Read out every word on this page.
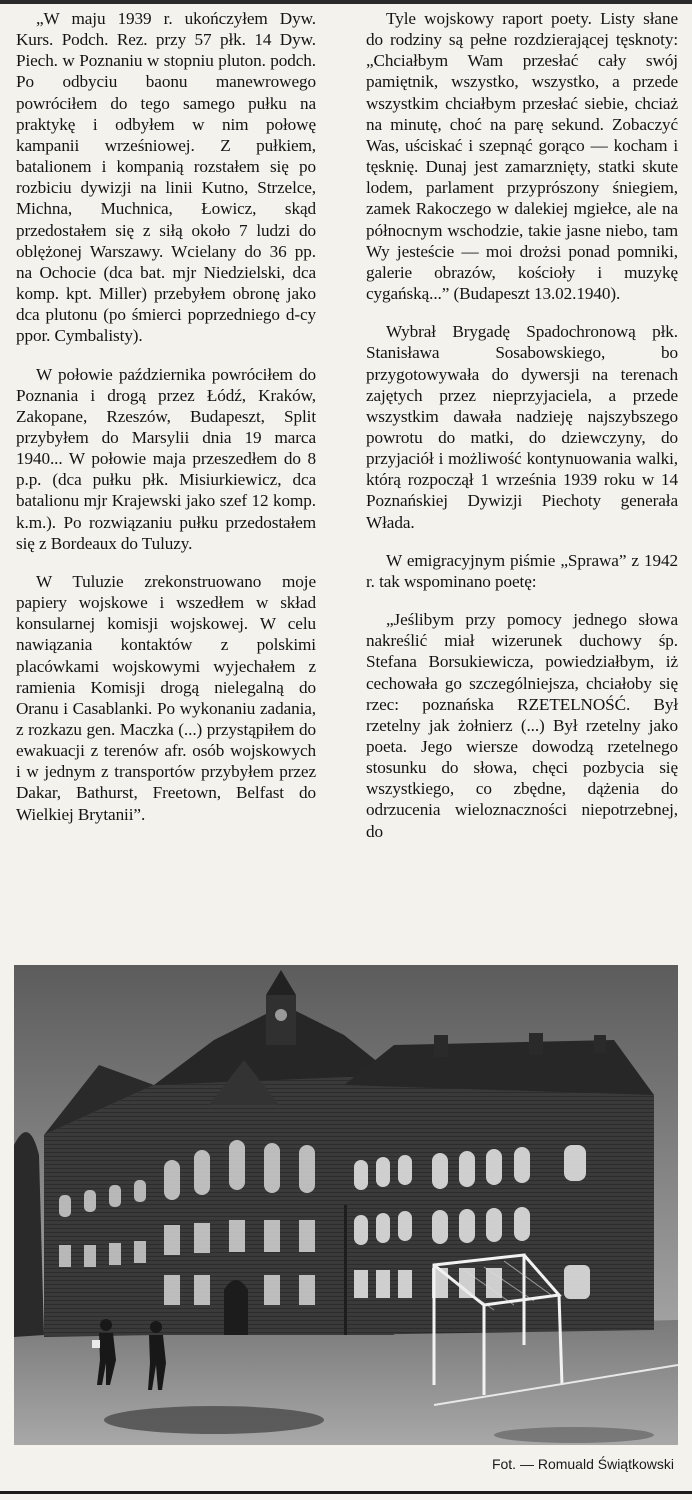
„W maju 1939 r. ukończyłem Dyw. Kurs. Podch. Rez. przy 57 płk. 14 Dyw. Piech. w Poznaniu w stopniu pluton. podch. Po odbyciu baonu manewrowego powróciłem do tego samego pułku na praktykę i odbyłem w nim połowę kampanii wrześniowej. Z pułkiem, batalionem i kompanią rozstałem się po rozbiciu dywizji na linii Kutno, Strzelce, Michna, Muchnica, Łowicz, skąd przedostałem się z siłą około 7 ludzi do oblężonej Warszawy. Wcielany do 36 pp. na Ochocie (dca bat. mjr Niedzielski, dca komp. kpt. Miller) przebyłem obronę jako dca plutonu (po śmierci poprzedniego d-cy ppor. Cymbalisty).

W połowie października powróciłem do Poznania i drogą przez Łódź, Kraków, Zakopane, Rzeszów, Budapeszt, Split przybyłem do Marsylii dnia 19 marca 1940... W połowie maja przeszedłem do 8 p.p. (dca pułku płk. Misiurkiewicz, dca batalionu mjr Krajewski jako szef 12 komp. k.m.). Po rozwiązaniu pułku przedostałem się z Bordeaux do Tuluzy.

W Tuluzie zrekonstruowano moje papiery wojskowe i wszedłem w skład konsularnej komisji wojskowej. W celu nawiązania kontaktów z polskimi placówkami wojskowymi wyjechałem z ramienia Komisji drogą nielegalną do Oranu i Casablanki. Po wykonaniu zadania, z rozkazu gen. Maczka (...) przystąpiłem do ewakuacji z terenów afr. osób wojskowych i w jednym z transportów przybyłem przez Dakar, Bathurst, Freetown, Belfast do Wielkiej Brytanii”.

Tyle wojskowy raport poety. Listy słane do rodziny są pełne rozdzierającej tęsknoty: „Chciałbym Wam przesłać cały swój pamiętnik, wszystko, wszystko, a przede wszystkim chciałbym przesłać siebie, chciaż na minutę, choć na parę sekund. Zobaczyć Was, uściskać i szepnąć gorąco — kocham i tęsknię. Dunaj jest zamarznięty, statki skute lodem, parlament przyprószony śniegiem, zamek Rakoczego w dalekiej mgiełce, ale na północnym wschodzie, takie jasne niebo, tam Wy jesteście — moi drożsi ponad pomniki, galerie obrazów, kościoły i muzykę cygańską...” (Budapeszt 13.02.1940).

Wybrał Brygadę Spadochronową płk. Stanisława Sosabowskiego, bo przygotowywała do dywersji na terenach zajętych przez nieprzyjaciela, a przede wszystkim dawała nadzieję najszybszego powrotu do matki, do dziewczyny, do przyjaciół i możliwość kontynuowania walki, którą rozpoczął 1 września 1939 roku w 14 Poznańskiej Dywizji Piechoty generała Włada.

W emigracyjnym piśmie „Sprawa” z 1942 r. tak wspominano poetę:

„Jeślibym przy pomocy jednego słowa nakreślić miał wizerunek duchowy śp. Stefana Borsukiewicza, powiedziałbym, iż cechowała go szczególniejsza, chciałoby się rzec: poznańska RZETELNOŚĆ. Był rzetelny jak żołnierz (...) Był rzetelny jako poeta. Jego wiersze dowodzą rzetelnego stosunku do słowa, chęci pozbycia się wszystkiego, co zbędne, dążenia do odrzucenia wieloznaczności niepotrzebnej, do

Fot. — Romuald Świątkowski
